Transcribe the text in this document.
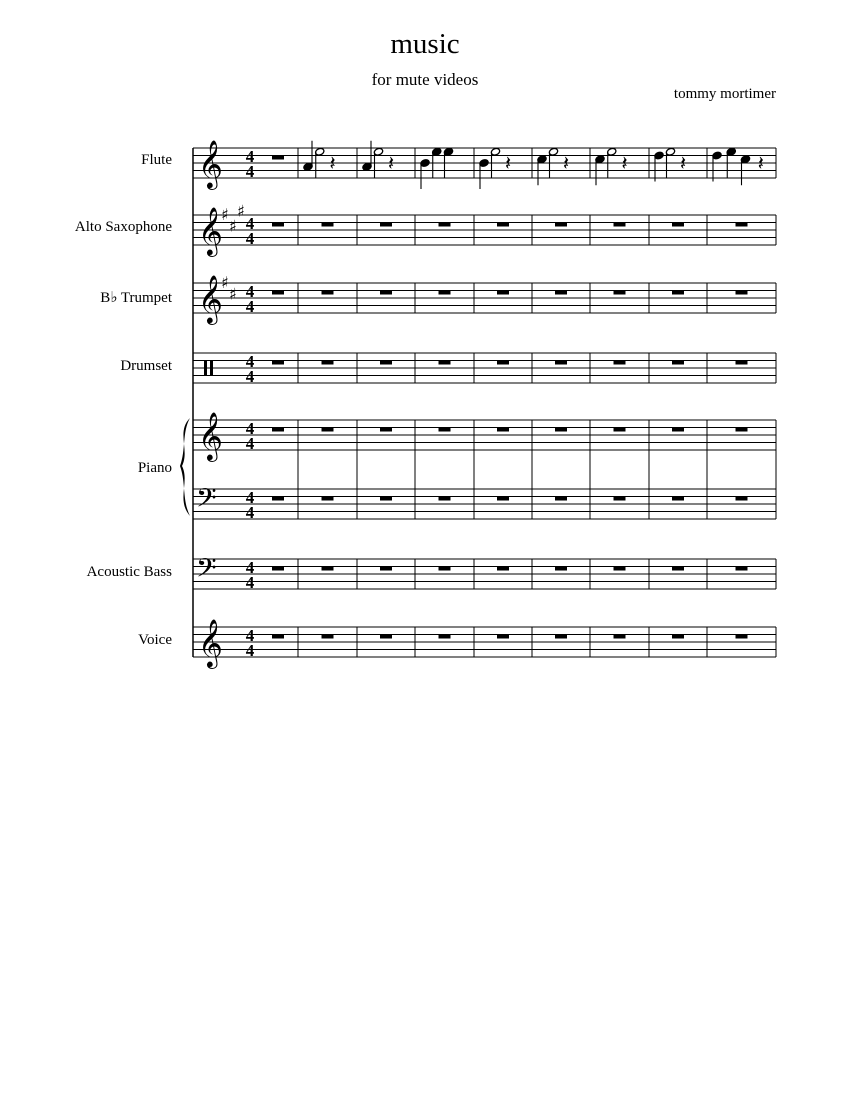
music
for mute videos
tommy mortimer
Flute
Alto Saxophone
B♭ Trumpet
Drumset
Piano
Acoustic Bass
Voice
𝄞
𝄞
𝄞
𝄞
𝄢
𝄢
𝄞
♯
♯
♯
♯
♯
4
4
4
4
4
4
4
4
4
4
4
4
4
4
4
4
𝄽	𝄽	𝄽	𝄽	𝄽	𝄽	𝄽
